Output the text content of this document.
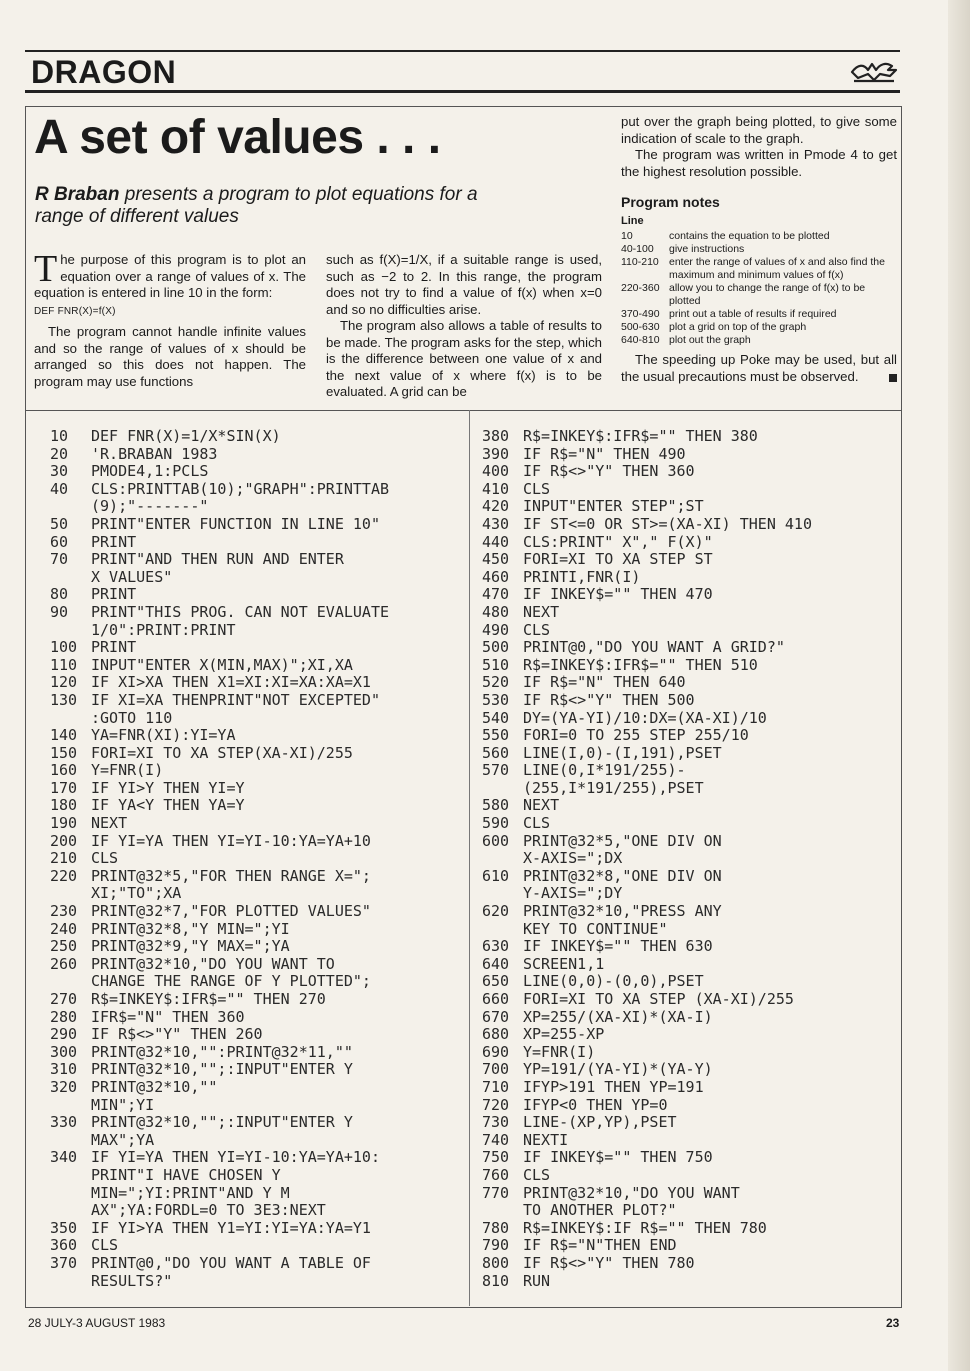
DRAGON
A set of values . . .
R Braban presents a program to plot equations for a range of different values

The purpose of this program is to plot an equation over a range of values of x. The equation is entered in line 10 in the form:

DEF FNR(X)=f(X)

The program cannot handle infinite values and so the range of values of x should be arranged so this does not happen. The program may use functions

such as f(X)=1/X, if a suitable range is used, such as −2 to 2. In this range, the program does not try to find a value of f(x) when x=0 and so no difficulties arise.

The program also allows a table of results to be made. The program asks for the step, which is the difference between one value of x and the next value of x where f(x) is to be evaluated. A grid can be

put over the graph being plotted, to give some indication of scale to the graph.

The program was written in Pmode 4 to get the highest resolution possible.

Program notes
Line
10	contains the equation to be plotted
40-100	give instructions
110-210 enter the range of values of x and also find the maximum and minimum values of f(x)
220-360 allow you to change the range of f(x) to be plotted
370-490 print out a table of results if required
500-630 plot a grid on top of the graph
640-810 plot out the graph

The speeding up Poke may be used, but all the usual precautions must be observed.

10	DEF FNR(X)=1/X*SIN(X)
20	'R.BRABAN 1983
30	PMODE4,1:PCLS
40	CLS:PRINTTAB(10);"GRAPH":PRINTTAB
(9);"-------"
50	PRINT"ENTER FUNCTION IN LINE 10"
60	PRINT
70	PRINT"AND THEN RUN AND ENTER
X VALUES"
80	PRINT
90	PRINT"THIS PROG. CAN NOT EVALUATE
1/0":PRINT:PRINT
100 PRINT
110 INPUT"ENTER X(MIN,MAX)";XI,XA
120 IF XI>XA THEN X1=XI:XI=XA:XA=X1
130 IF XI=XA THENPRINT"NOT EXCEPTED"
:GOTO 110
140 YA=FNR(XI):YI=YA
150 FORI=XI TO XA STEP(XA-XI)/255
160 Y=FNR(I)
170 IF YI>Y THEN YI=Y
180 IF YA<Y THEN YA=Y
190 NEXT
200 IF YI=YA THEN YI=YI-10:YA=YA+10
210 CLS
220 PRINT@32*5,"FOR THEN RANGE X=";
XI;"TO";XA
230 PRINT@32*7,"FOR PLOTTED VALUES"
240 PRINT@32*8,"Y MIN=";YI
250 PRINT@32*9,"Y MAX=";YA
260 PRINT@32*10,"DO YOU WANT TO
CHANGE THE RANGE OF Y PLOTTED";
270 R$=INKEY$:IFR$="" THEN 270
280 IFR$="N" THEN 360
290 IF R$<>"Y" THEN 260
300 PRINT@32*10,"":PRINT@32*11,""
310 PRINT@32*10,"";:INPUT"ENTER Y
320 PRINT@32*10,""
MIN";YI
330 PRINT@32*10,"";:INPUT"ENTER Y
MAX";YA
340 IF YI=YA THEN YI=YI-10:YA=YA+10:
PRINT"I HAVE CHOSEN Y
MIN=";YI:PRINT"AND Y M
AX";YA:FORDL=0 TO 3E3:NEXT
350 IF YI>YA THEN Y1=YI:YI=YA:YA=Y1
360 CLS
370 PRINT@0,"DO YOU WANT A TABLE OF
RESULTS?"
380 R$=INKEY$:IFR$="" THEN 380
390 IF R$="N" THEN 490
400 IF R$<>"Y" THEN 360
410 CLS
420 INPUT"ENTER STEP";ST
430 IF ST<=0 OR ST>=(XA-XI) THEN 410
440 CLS:PRINT" X"," F(X)"
450 FORI=XI TO XA STEP ST
460 PRINTI,FNR(I)
470 IF INKEY$="" THEN 470
480 NEXT
490 CLS
500 PRINT@0,"DO YOU WANT A GRID?"
510 R$=INKEY$:IFR$="" THEN 510
520 IF R$="N" THEN 640
530 IF R$<>"Y" THEN 500
540 DY=(YA-YI)/10:DX=(XA-XI)/10
550 FORI=0 TO 255 STEP 255/10
560 LINE(I,0)-(I,191),PSET
570 LINE(0,I*191/255)-
(255,I*191/255),PSET
580 NEXT
590 CLS
600 PRINT@32*5,"ONE DIV ON
X-AXIS=";DX
610 PRINT@32*8,"ONE DIV ON
Y-AXIS=";DY
620 PRINT@32*10,"PRESS ANY
KEY TO CONTINUE"
630 IF INKEY$="" THEN 630
640 SCREEN1,1
650 LINE(0,0)-(0,0),PSET
660 FORI=XI TO XA STEP (XA-XI)/255
670 XP=255/(XA-XI)*(XA-I)
680 XP=255-XP
690 Y=FNR(I)
700 YP=191/(YA-YI)*(YA-Y)
710 IFYP>191 THEN YP=191
720 IFYP<0 THEN YP=0
730 LINE-(XP,YP),PSET
740 NEXTI
750 IF INKEY$="" THEN 750
760 CLS
770 PRINT@32*10,"DO YOU WANT
TO ANOTHER PLOT?"
780 R$=INKEY$:IF R$="" THEN 780
790 IF R$="N"THEN END
800 IF R$<>"Y" THEN 780
810 RUN
28 JULY-3 AUGUST 1983	23
